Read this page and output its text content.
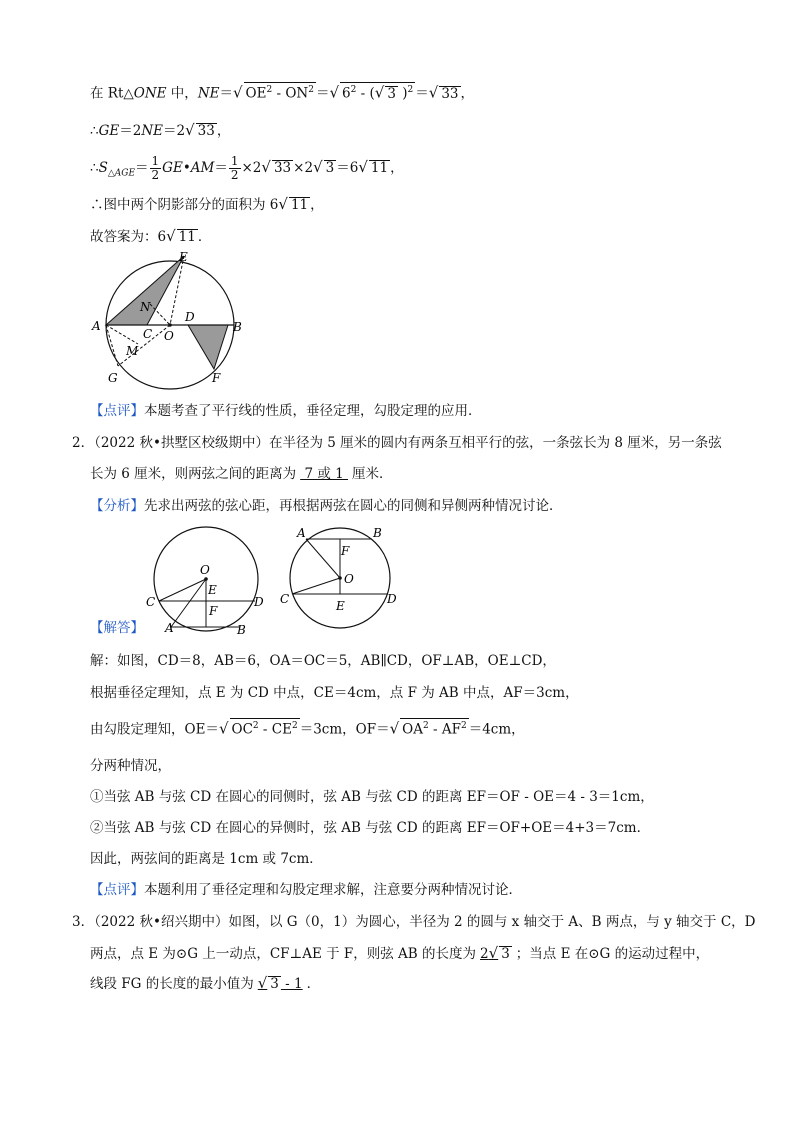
在 Rt△ONE 中，NE＝√ $OE^2 - ON^2$ ＝√ $6^2$ - (√ 3 )$^2$ ＝√ 33 ，
∴GE＝2NE＝2√ 33 ，
$\therefore S_{\triangle AGE}= \frac{1}{2}$ GE•AM＝ $\frac{1}{2} \times 2√$ 33 ×2√ 3 ＝6√ 11 ，
∴图中两个阴影部分的面积为 6√ 11 ，
故答案为：6√ 11 ．
E
N
A
C O
D
B
M
G	F
【点评】本题考查了平行线的性质，垂径定理，勾股定理的应用．
2．（2022 秋•拱墅区校级期中）在半径为 5 厘米的圆内有两条互相平行的弦，一条弦长为 8 厘米，另一条弦
长为 6 厘米，则两弦之间的距离为 7 或 1 厘米．
【分析】先求出两弦的弦心距，再根据两弦在圆心的同侧和异侧两种情况讨论．
O
E
F
C	D
A	B
A	B
F
O
C	E	D
【解答】
解：如图，CD＝8，AB＝6，OA＝OC＝5，AB∥CD，OF⊥AB，OE⊥CD，
根据垂径定理知，点 E 为 CD 中点，CE＝4cm，点 F 为 AB 中点，AF＝3cm，
由勾股定理知，OE＝√ $OC^2 - CE^2 =3cm$，OF＝√ $OA^2 - AF^2 =4cm$，
分两种情况，
①当弦 AB 与弦 CD 在圆心的同侧时，弦 AB 与弦 CD 的距离 EF＝OF - OE＝4 - 3＝1cm，
②当弦 AB 与弦 CD 在圆心的异侧时，弦 AB 与弦 CD 的距离 EF＝OF+OE＝4+3＝7cm．
因此，两弦间的距离是 1cm 或 7cm．
【点评】本题利用了垂径定理和勾股定理求解，注意要分两种情况讨论．
3．（2022 秋•绍兴期中）如图，以 G（0，1）为圆心，半径为 2 的圆与 x 轴交于 A、B 两点，与 y 轴交于 C，D
两点，点 E 为⊙G 上一动点，CF⊥AE 于 F，则弦 AB 的长度为 2√ 3 ；当点 E 在⊙G 的运动过程中，
线段 FG 的长度的最小值为 √ 3 - 1 ．
